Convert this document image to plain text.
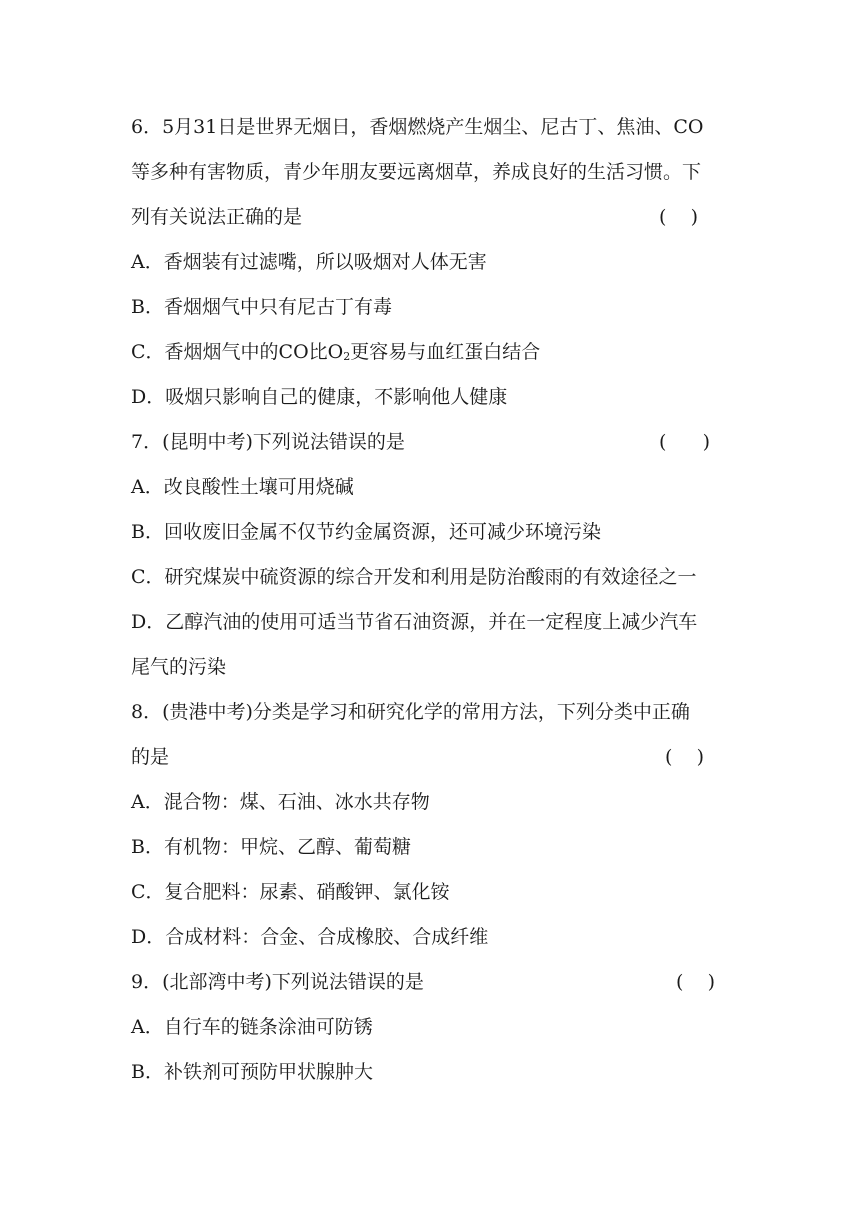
6．5月31日是世界无烟日，香烟燃烧产生烟尘、尼古丁、焦油、CO
等多种有害物质，青少年朋友要远离烟草，养成良好的生活习惯。下
列有关说法正确的是	(    )
A．香烟装有过滤嘴，所以吸烟对人体无害
B．香烟烟气中只有尼古丁有毒
C．香烟烟气中的CO比$O_2$更容易与血红蛋白结合
D．吸烟只影响自己的健康，不影响他人健康
7．(昆明中考)下列说法错误的是	(      )
A．改良酸性土壤可用烧碱
B．回收废旧金属不仅节约金属资源，还可减少环境污染
C．研究煤炭中硫资源的综合开发和利用是防治酸雨的有效途径之一
D．乙醇汽油的使用可适当节省石油资源，并在一定程度上减少汽车
尾气的污染
8．(贵港中考)分类是学习和研究化学的常用方法，下列分类中正确
的是	(    )
A．混合物：煤、石油、冰水共存物
B．有机物：甲烷、乙醇、葡萄糖
C．复合肥料：尿素、硝酸钾、氯化铵
D．合成材料：合金、合成橡胶、合成纤维
9．(北部湾中考)下列说法错误的是	(    )
A．自行车的链条涂油可防锈
B．补铁剂可预防甲状腺肿大
